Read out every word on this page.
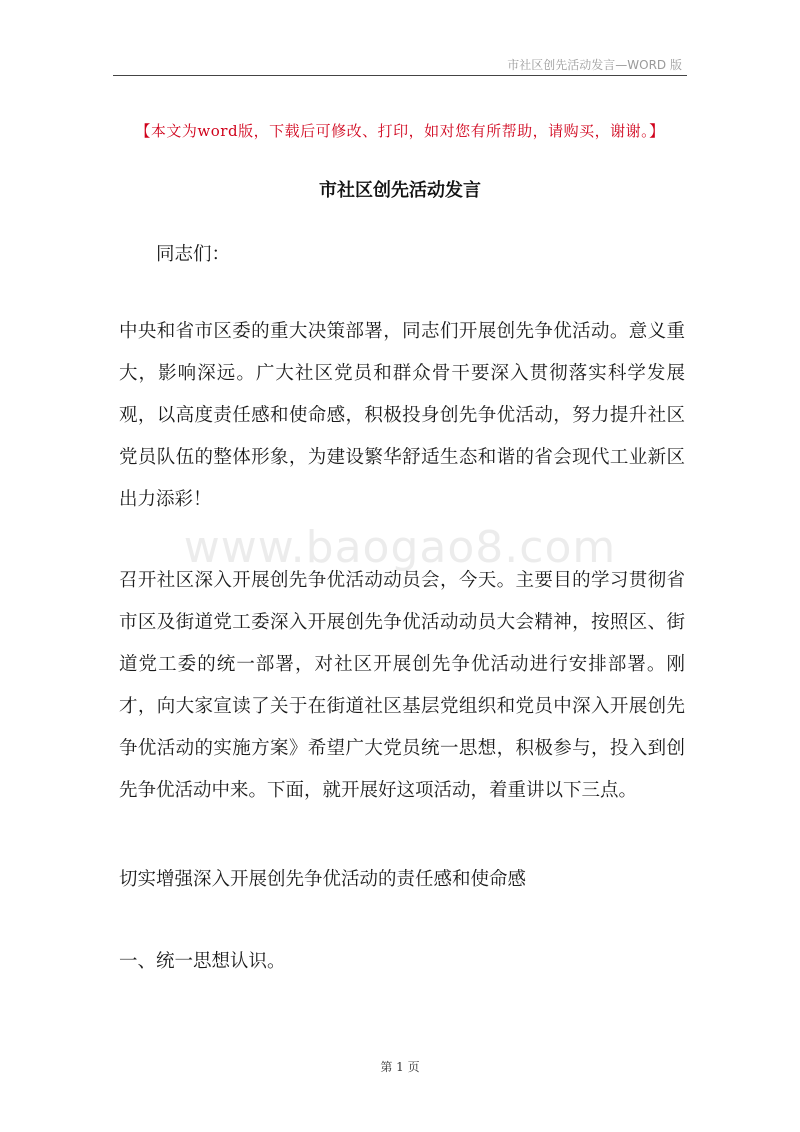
市社区创先活动发言—WORD 版
【本文为word版，下载后可修改、打印，如对您有所帮助，请购买，谢谢。】
市社区创先活动发言

同志们：

中央和省市区委的重大决策部署，同志们开展创先争优活动。意义重大，影响深远。广大社区党员和群众骨干要深入贯彻落实科学发展观，以高度责任感和使命感，积极投身创先争优活动，努力提升社区党员队伍的整体形象，为建设繁华舒适生态和谐的省会现代工业新区出力添彩！

www.baogao8.com

召开社区深入开展创先争优活动动员会，今天。主要目的学习贯彻省市区及街道党工委深入开展创先争优活动动员大会精神，按照区、街道党工委的统一部署，对社区开展创先争优活动进行安排部署。刚才，向大家宣读了关于在街道社区基层党组织和党员中深入开展创先争优活动的实施方案》希望广大党员统一思想，积极参与，投入到创先争优活动中来。下面，就开展好这项活动，着重讲以下三点。

切实增强深入开展创先争优活动的责任感和使命感

一、统一思想认识。

第 1 页
